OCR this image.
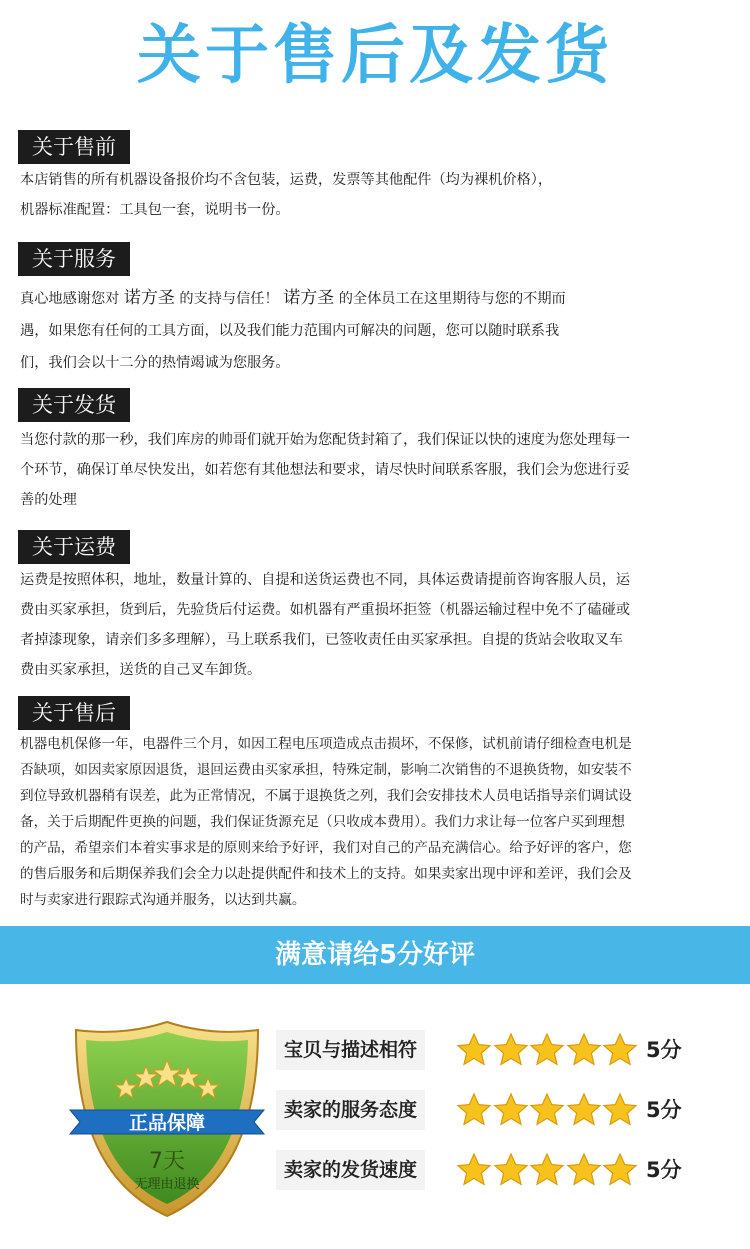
关于售后及发货
关于售前
本店销售的所有机器设备报价均不含包装，运费，发票等其他配件（均为裸机价格），
机器标准配置：工具包一套，说明书一份。
关于服务
真心地感谢您对 诺方圣 的支持与信任！ 诺方圣 的全体员工在这里期待与您的不期而
遇，如果您有任何的工具方面，以及我们能力范围内可解决的问题，您可以随时联系我
们，我们会以十二分的热情竭诚为您服务。
关于发货
当您付款的那一秒，我们库房的帅哥们就开始为您配货封箱了，我们保证以快的速度为您处理每一
个环节，确保订单尽快发出，如若您有其他想法和要求，请尽快时间联系客服，我们会为您进行妥
善的处理
关于运费
运费是按照体积，地址，数量计算的、自提和送货运费也不同，具体运费请提前咨询客服人员，运
费由买家承担，货到后，先验货后付运费。如机器有严重损坏拒签（机器运输过程中免不了磕碰或
者掉漆现象，请亲们多多理解），马上联系我们，已签收责任由买家承担。自提的货站会收取叉车
费由买家承担，送货的自己叉车卸货。
关于售后
机器电机保修一年，电器件三个月，如因工程电压项造成点击损坏，不保修，试机前请仔细检查电机是
否缺项，如因卖家原因退货，退回运费由买家承担，特殊定制，影响二次销售的不退换货物，如安装不
到位导致机器稍有误差，此为正常情况，不属于退换货之列，我们会安排技术人员电话指导亲们调试设
备，关于后期配件更换的问题，我们保证货源充足（只收成本费用）。我们力求让每一位客户买到理想
的产品，希望亲们本着实事求是的原则来给予好评，我们对自己的产品充满信心。给予好评的客户，您
的售后服务和后期保养我们会全力以赴提供配件和技术上的支持。如果卖家出现中评和差评，我们会及
时与卖家进行跟踪式沟通并服务，以达到共赢。
满意请给5分好评
正品保障
7天
无理由退换
宝贝与描述相符	5分
卖家的服务态度	5分
卖家的发货速度	5分
